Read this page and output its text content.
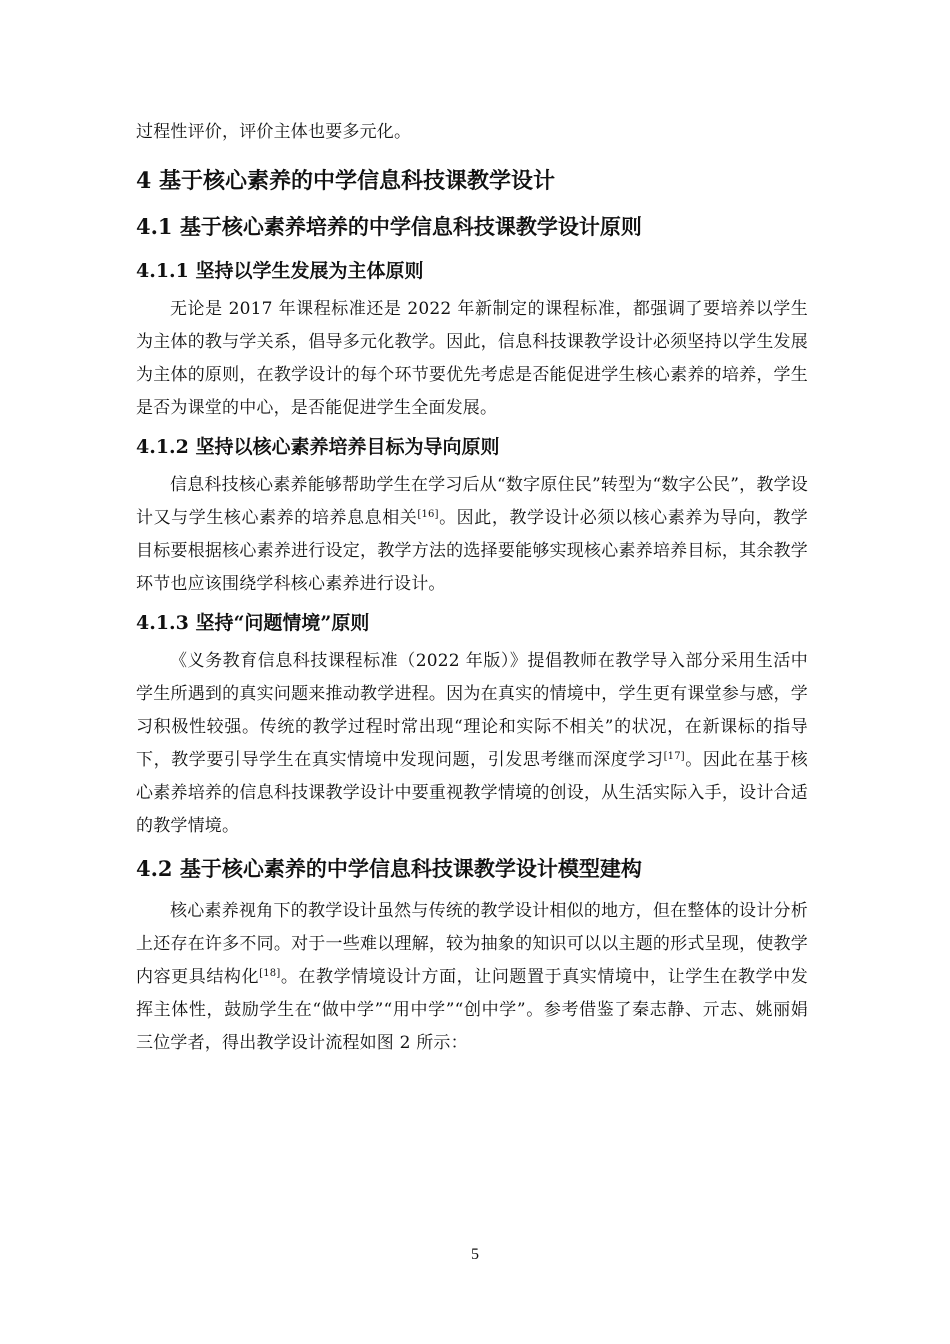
过程性评价，评价主体也要多元化。

4 基于核心素养的中学信息科技课教学设计
4.1 基于核心素养培养的中学信息科技课教学设计原则
4.1.1 坚持以学生发展为主体原则

无论是 2017 年课程标准还是 2022 年新制定的课程标准，都强调了要培养以学生为主体的教与学关系，倡导多元化教学。因此，信息科技课教学设计必须坚持以学生发展为主体的原则，在教学设计的每个环节要优先考虑是否能促进学生核心素养的培养，学生是否为课堂的中心，是否能促进学生全面发展。

4.1.2 坚持以核心素养培养目标为导向原则

信息科技核心素养能够帮助学生在学习后从“数字原住民”转型为“数字公民”，教学设计又与学生核心素养的培养息息相关[16]。因此，教学设计必须以核心素养为导向，教学目标要根据核心素养进行设定，教学方法的选择要能够实现核心素养培养目标，其余教学环节也应该围绕学科核心素养进行设计。

4.1.3 坚持“问题情境”原则

《义务教育信息科技课程标准（2022 年版）》提倡教师在教学导入部分采用生活中学生所遇到的真实问题来推动教学进程。因为在真实的情境中，学生更有课堂参与感，学习积极性较强。传统的教学过程时常出现“理论和实际不相关”的状况，在新课标的指导下，教学要引导学生在真实情境中发现问题，引发思考继而深度学习[17]。因此在基于核心素养培养的信息科技课教学设计中要重视教学情境的创设，从生活实际入手，设计合适的教学情境。

4.2 基于核心素养的中学信息科技课教学设计模型建构

核心素养视角下的教学设计虽然与传统的教学设计相似的地方，但在整体的设计分析上还存在许多不同。对于一些难以理解，较为抽象的知识可以以主题的形式呈现，使教学内容更具结构化[18]。在教学情境设计方面，让问题置于真实情境中，让学生在教学中发挥主体性，鼓励学生在“做中学”“用中学”“创中学”。参考借鉴了秦志静、亓志、姚丽娟三位学者，得出教学设计流程如图 2 所示：

5
